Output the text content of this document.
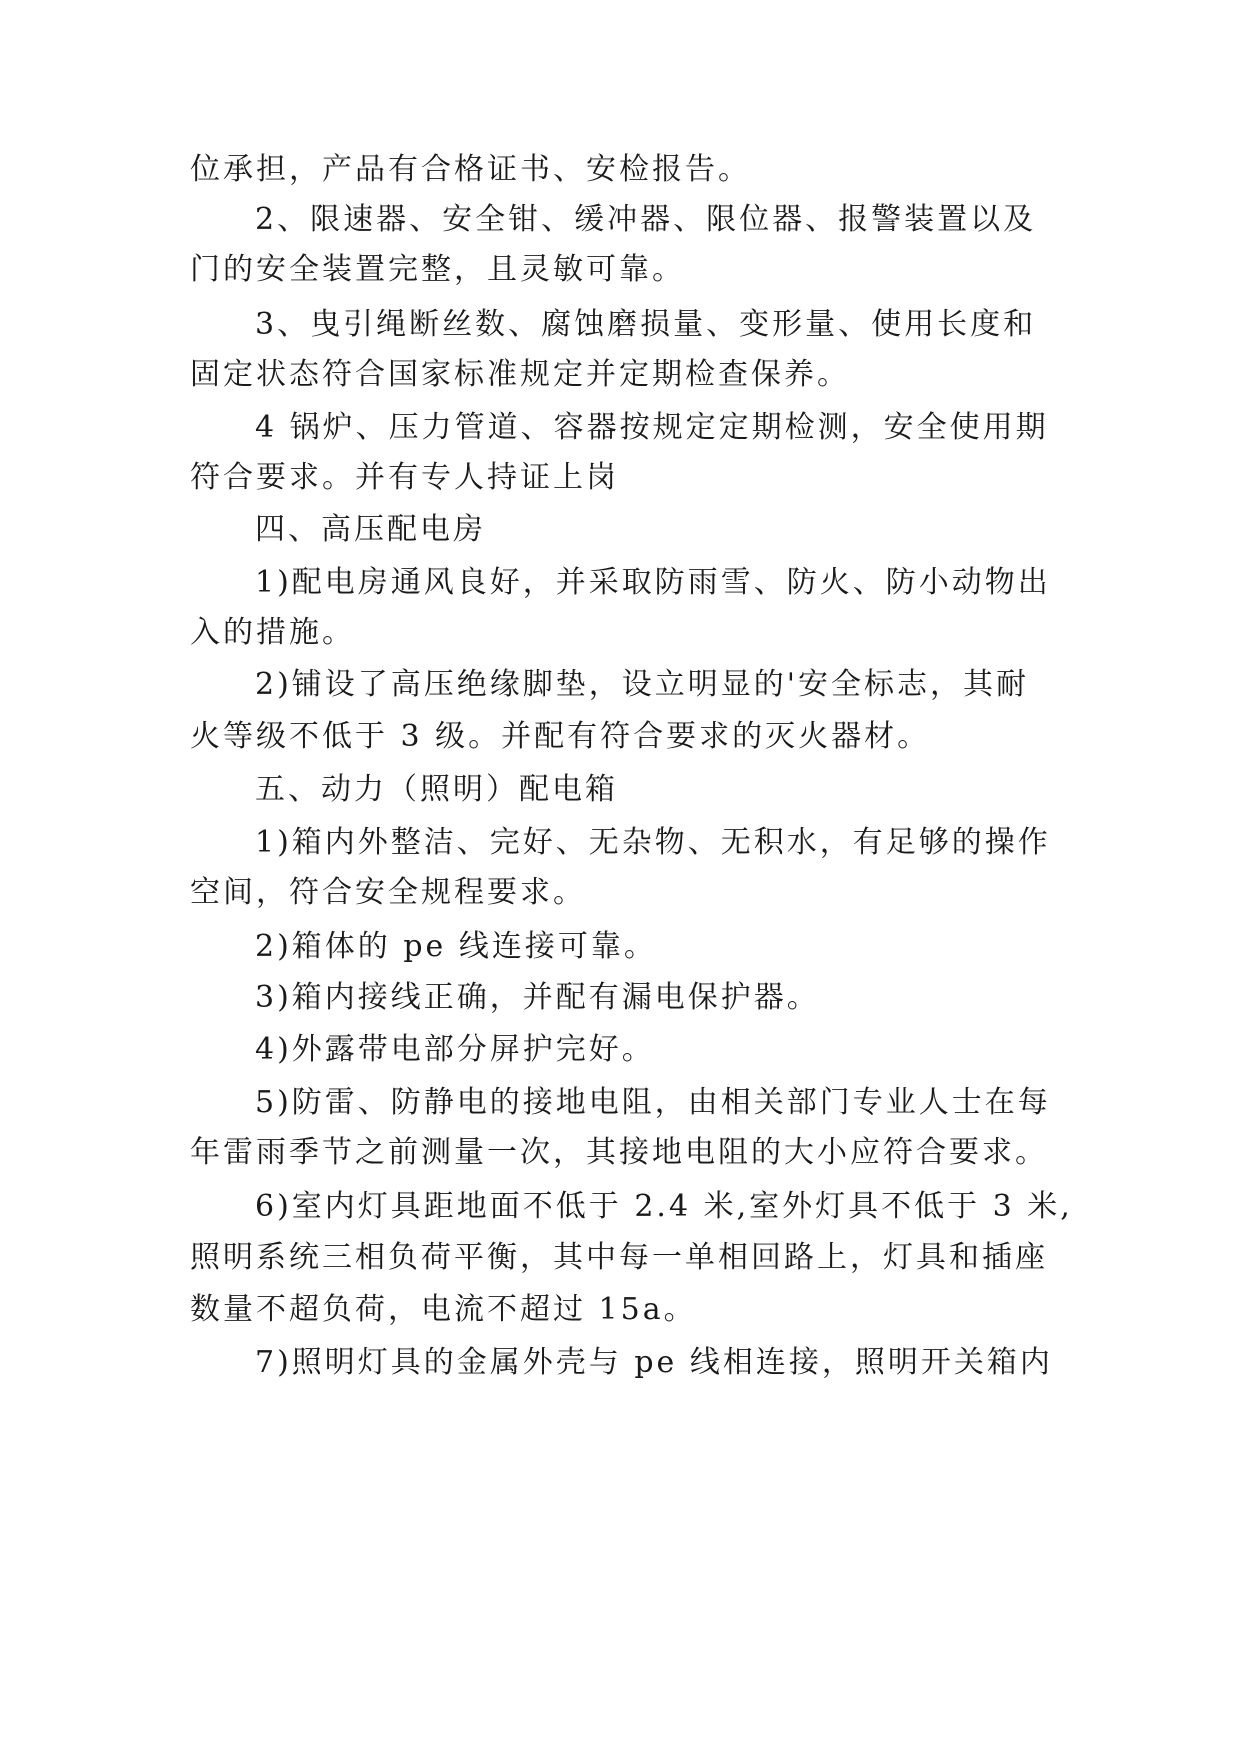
位承担，产品有合格证书、安检报告。

2、限速器、安全钳、缓冲器、限位器、报警装置以及

门的安全装置完整，且灵敏可靠。

3、曳引绳断丝数、腐蚀磨损量、变形量、使用长度和

固定状态符合国家标准规定并定期检查保养。

4 锅炉、压力管道、容器按规定定期检测，安全使用期

符合要求。并有专人持证上岗

四、高压配电房

1)配电房通风良好，并采取防雨雪、防火、防小动物出

入的措施。

2)铺设了高压绝缘脚垫，设立明显的'安全标志，其耐

火等级不低于 3 级。并配有符合要求的灭火器材。

五、动力（照明）配电箱

1)箱内外整洁、完好、无杂物、无积水，有足够的操作

空间，符合安全规程要求。

2)箱体的 pe 线连接可靠。

3)箱内接线正确，并配有漏电保护器。

4)外露带电部分屏护完好。

5)防雷、防静电的接地电阻，由相关部门专业人士在每

年雷雨季节之前测量一次，其接地电阻的大小应符合要求。

6)室内灯具距地面不低于 2.4 米,室外灯具不低于 3 米,

照明系统三相负荷平衡，其中每一单相回路上，灯具和插座

数量不超负荷，电流不超过 15a。

7)照明灯具的金属外壳与 pe 线相连接，照明开关箱内
